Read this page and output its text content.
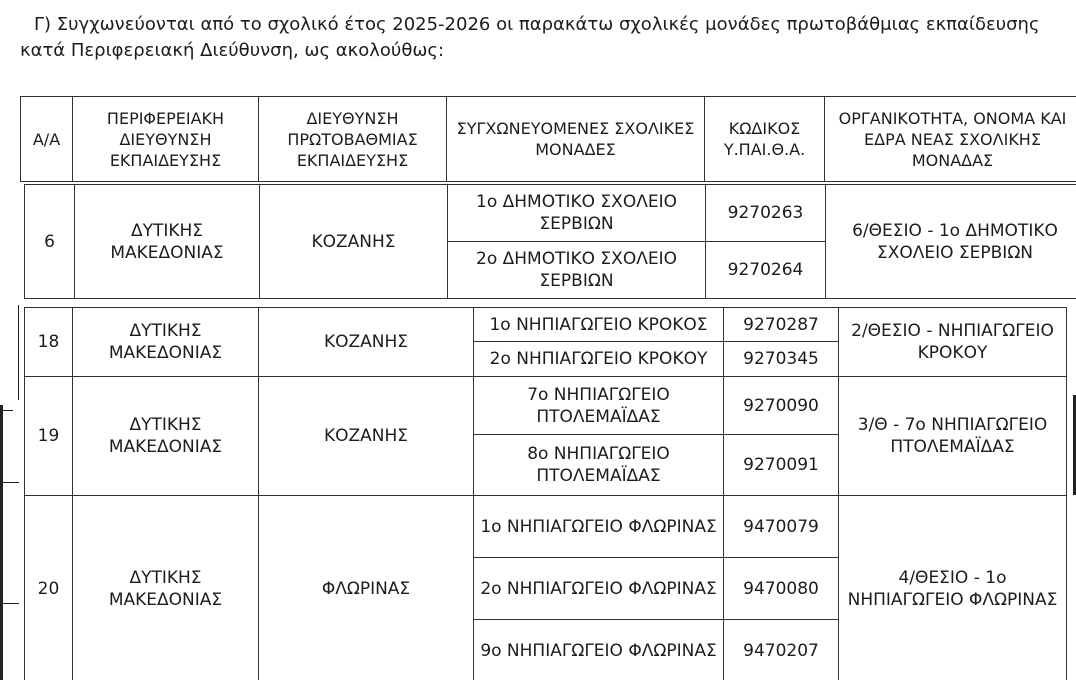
Γ) Συγχωνεύονται από το σχολικό έτος 2025-2026 οι παρακάτω σχολικές μονάδες πρωτοβάθμιας εκπαίδευσης
κατά Περιφερειακή Διεύθυνση, ως ακολούθως:
Α/Α	ΠΕΡΙΦΕΡΕΙΑΚΗ ΔΙΕΥΘΥΝΣΗ ΕΚΠΑΙΔΕΥΣΗΣ	ΔΙΕΥΘΥΝΣΗ ΠΡΩΤΟΒΑΘΜΙΑΣ ΕΚΠΑΙΔΕΥΣΗΣ	ΣΥΓΧΩΝΕΥΟΜΕΝΕΣ ΣΧΟΛΙΚΕΣ ΜΟΝΑΔΕΣ	ΚΩΔΙΚΟΣ Υ.ΠΑΙ.Θ.Α.	ΟΡΓΑΝΙΚΟΤΗΤΑ, ΟΝΟΜΑ ΚΑΙ ΕΔΡΑ ΝΕΑΣ ΣΧΟΛΙΚΗΣ ΜΟΝΑΔΑΣ
6	ΔΥΤΙΚΗΣ ΜΑΚΕΔΟΝΙΑΣ	ΚΟΖΑΝΗΣ	1ο ΔΗΜΟΤΙΚΟ ΣΧΟΛΕΙΟ ΣΕΡΒΙΩΝ	9270263	6/ΘΕΣΙΟ - 1ο ΔΗΜΟΤΙΚΟ ΣΧΟΛΕΙΟ ΣΕΡΒΙΩΝ
			2ο ΔΗΜΟΤΙΚΟ ΣΧΟΛΕΙΟ ΣΕΡΒΙΩΝ	9270264	
18	ΔΥΤΙΚΗΣ ΜΑΚΕΔΟΝΙΑΣ	ΚΟΖΑΝΗΣ	1ο ΝΗΠΙΑΓΩΓΕΙΟ ΚΡΟΚΟΣ	9270287	2/ΘΕΣΙΟ - ΝΗΠΙΑΓΩΓΕΙΟ ΚΡΟΚΟΥ
			2ο ΝΗΠΙΑΓΩΓΕΙΟ ΚΡΟΚΟΥ	9270345	
19	ΔΥΤΙΚΗΣ ΜΑΚΕΔΟΝΙΑΣ	ΚΟΖΑΝΗΣ	7ο ΝΗΠΙΑΓΩΓΕΙΟ ΠΤΟΛΕΜΑΪΔΑΣ	9270090	3/Θ - 7ο ΝΗΠΙΑΓΩΓΕΙΟ ΠΤΟΛΕΜΑΪΔΑΣ
			8ο ΝΗΠΙΑΓΩΓΕΙΟ ΠΤΟΛΕΜΑΪΔΑΣ	9270091	
20	ΔΥΤΙΚΗΣ ΜΑΚΕΔΟΝΙΑΣ	ΦΛΩΡΙΝΑΣ	1ο ΝΗΠΙΑΓΩΓΕΙΟ ΦΛΩΡΙΝΑΣ	9470079	4/ΘΕΣΙΟ - 1ο ΝΗΠΙΑΓΩΓΕΙΟ ΦΛΩΡΙΝΑΣ
			2ο ΝΗΠΙΑΓΩΓΕΙΟ ΦΛΩΡΙΝΑΣ	9470080	
			9ο ΝΗΠΙΑΓΩΓΕΙΟ ΦΛΩΡΙΝΑΣ	9470207	
